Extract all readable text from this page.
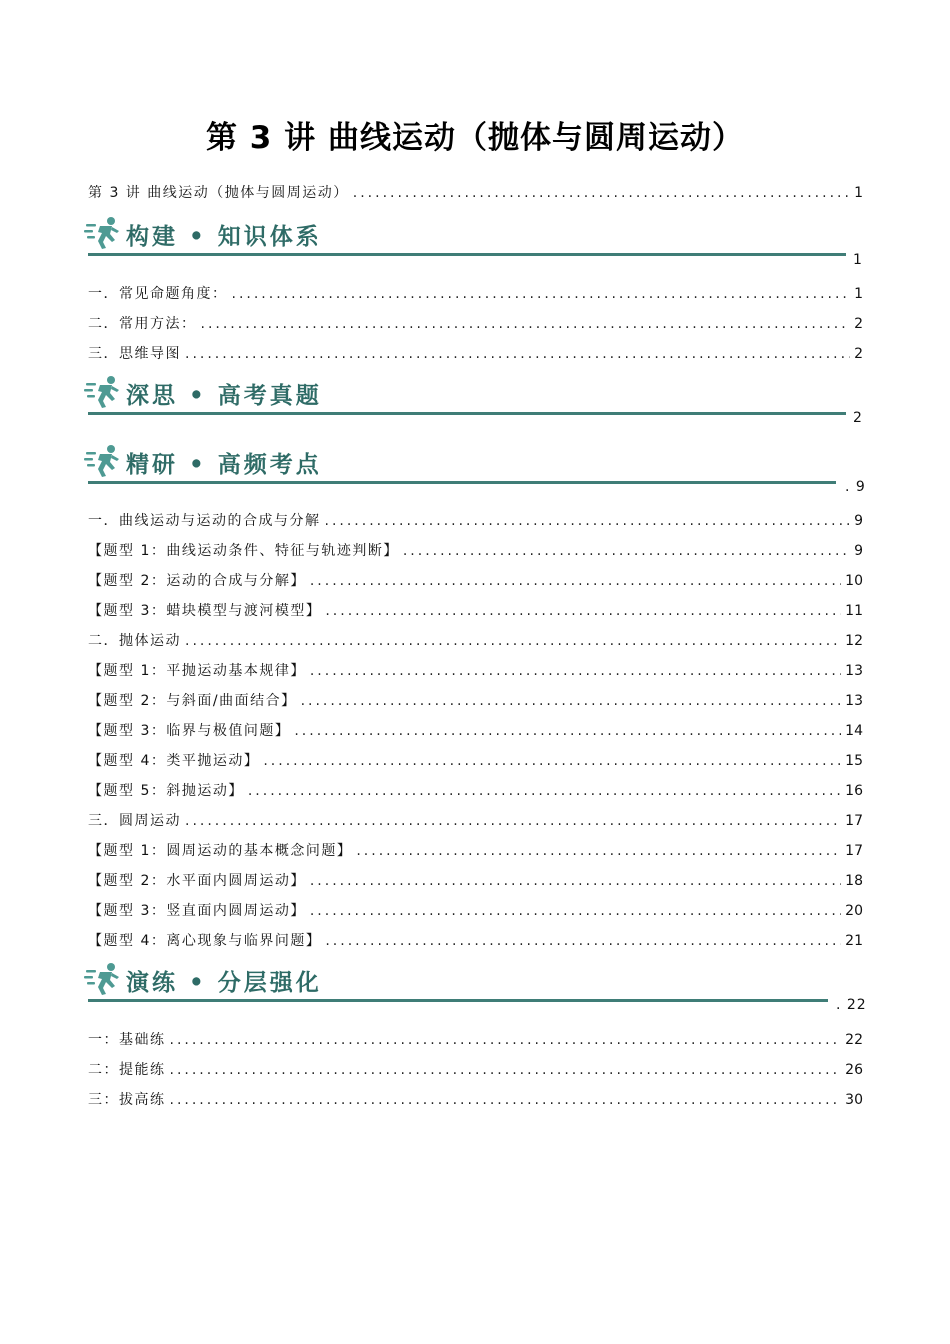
第 3 讲 曲线运动（抛体与圆周运动）
第 3 讲 曲线运动（抛体与圆周运动） .....	1
构建 • 知识体系
1
一．常见命题角度： .....	1
二．常用方法： .....	2
三．思维导图 .....	2
深思 • 高考真题
2
精研 • 高频考点
. 9
一．曲线运动与运动的合成与分解 .....	9
【题型 1：曲线运动条件、特征与轨迹判断】 .....	9
【题型 2：运动的合成与分解】 .....	10
【题型 3：蜡块模型与渡河模型】 .....	11
二．抛体运动 .....	12
【题型 1：平抛运动基本规律】 .....	13
【题型 2：与斜面/曲面结合】 .....	13
【题型 3：临界与极值问题】 .....	14
【题型 4：类平抛运动】 .....	15
【题型 5：斜抛运动】 .....	16
三．圆周运动 .....	17
【题型 1：圆周运动的基本概念问题】 .....	17
【题型 2：水平面内圆周运动】 .....	18
【题型 3：竖直面内圆周运动】 .....	20
【题型 4：离心现象与临界问题】 .....	21
演练 • 分层强化
. 22
一：基础练 .....	22
二：提能练 .....	26
三：拔高练 .....	30
